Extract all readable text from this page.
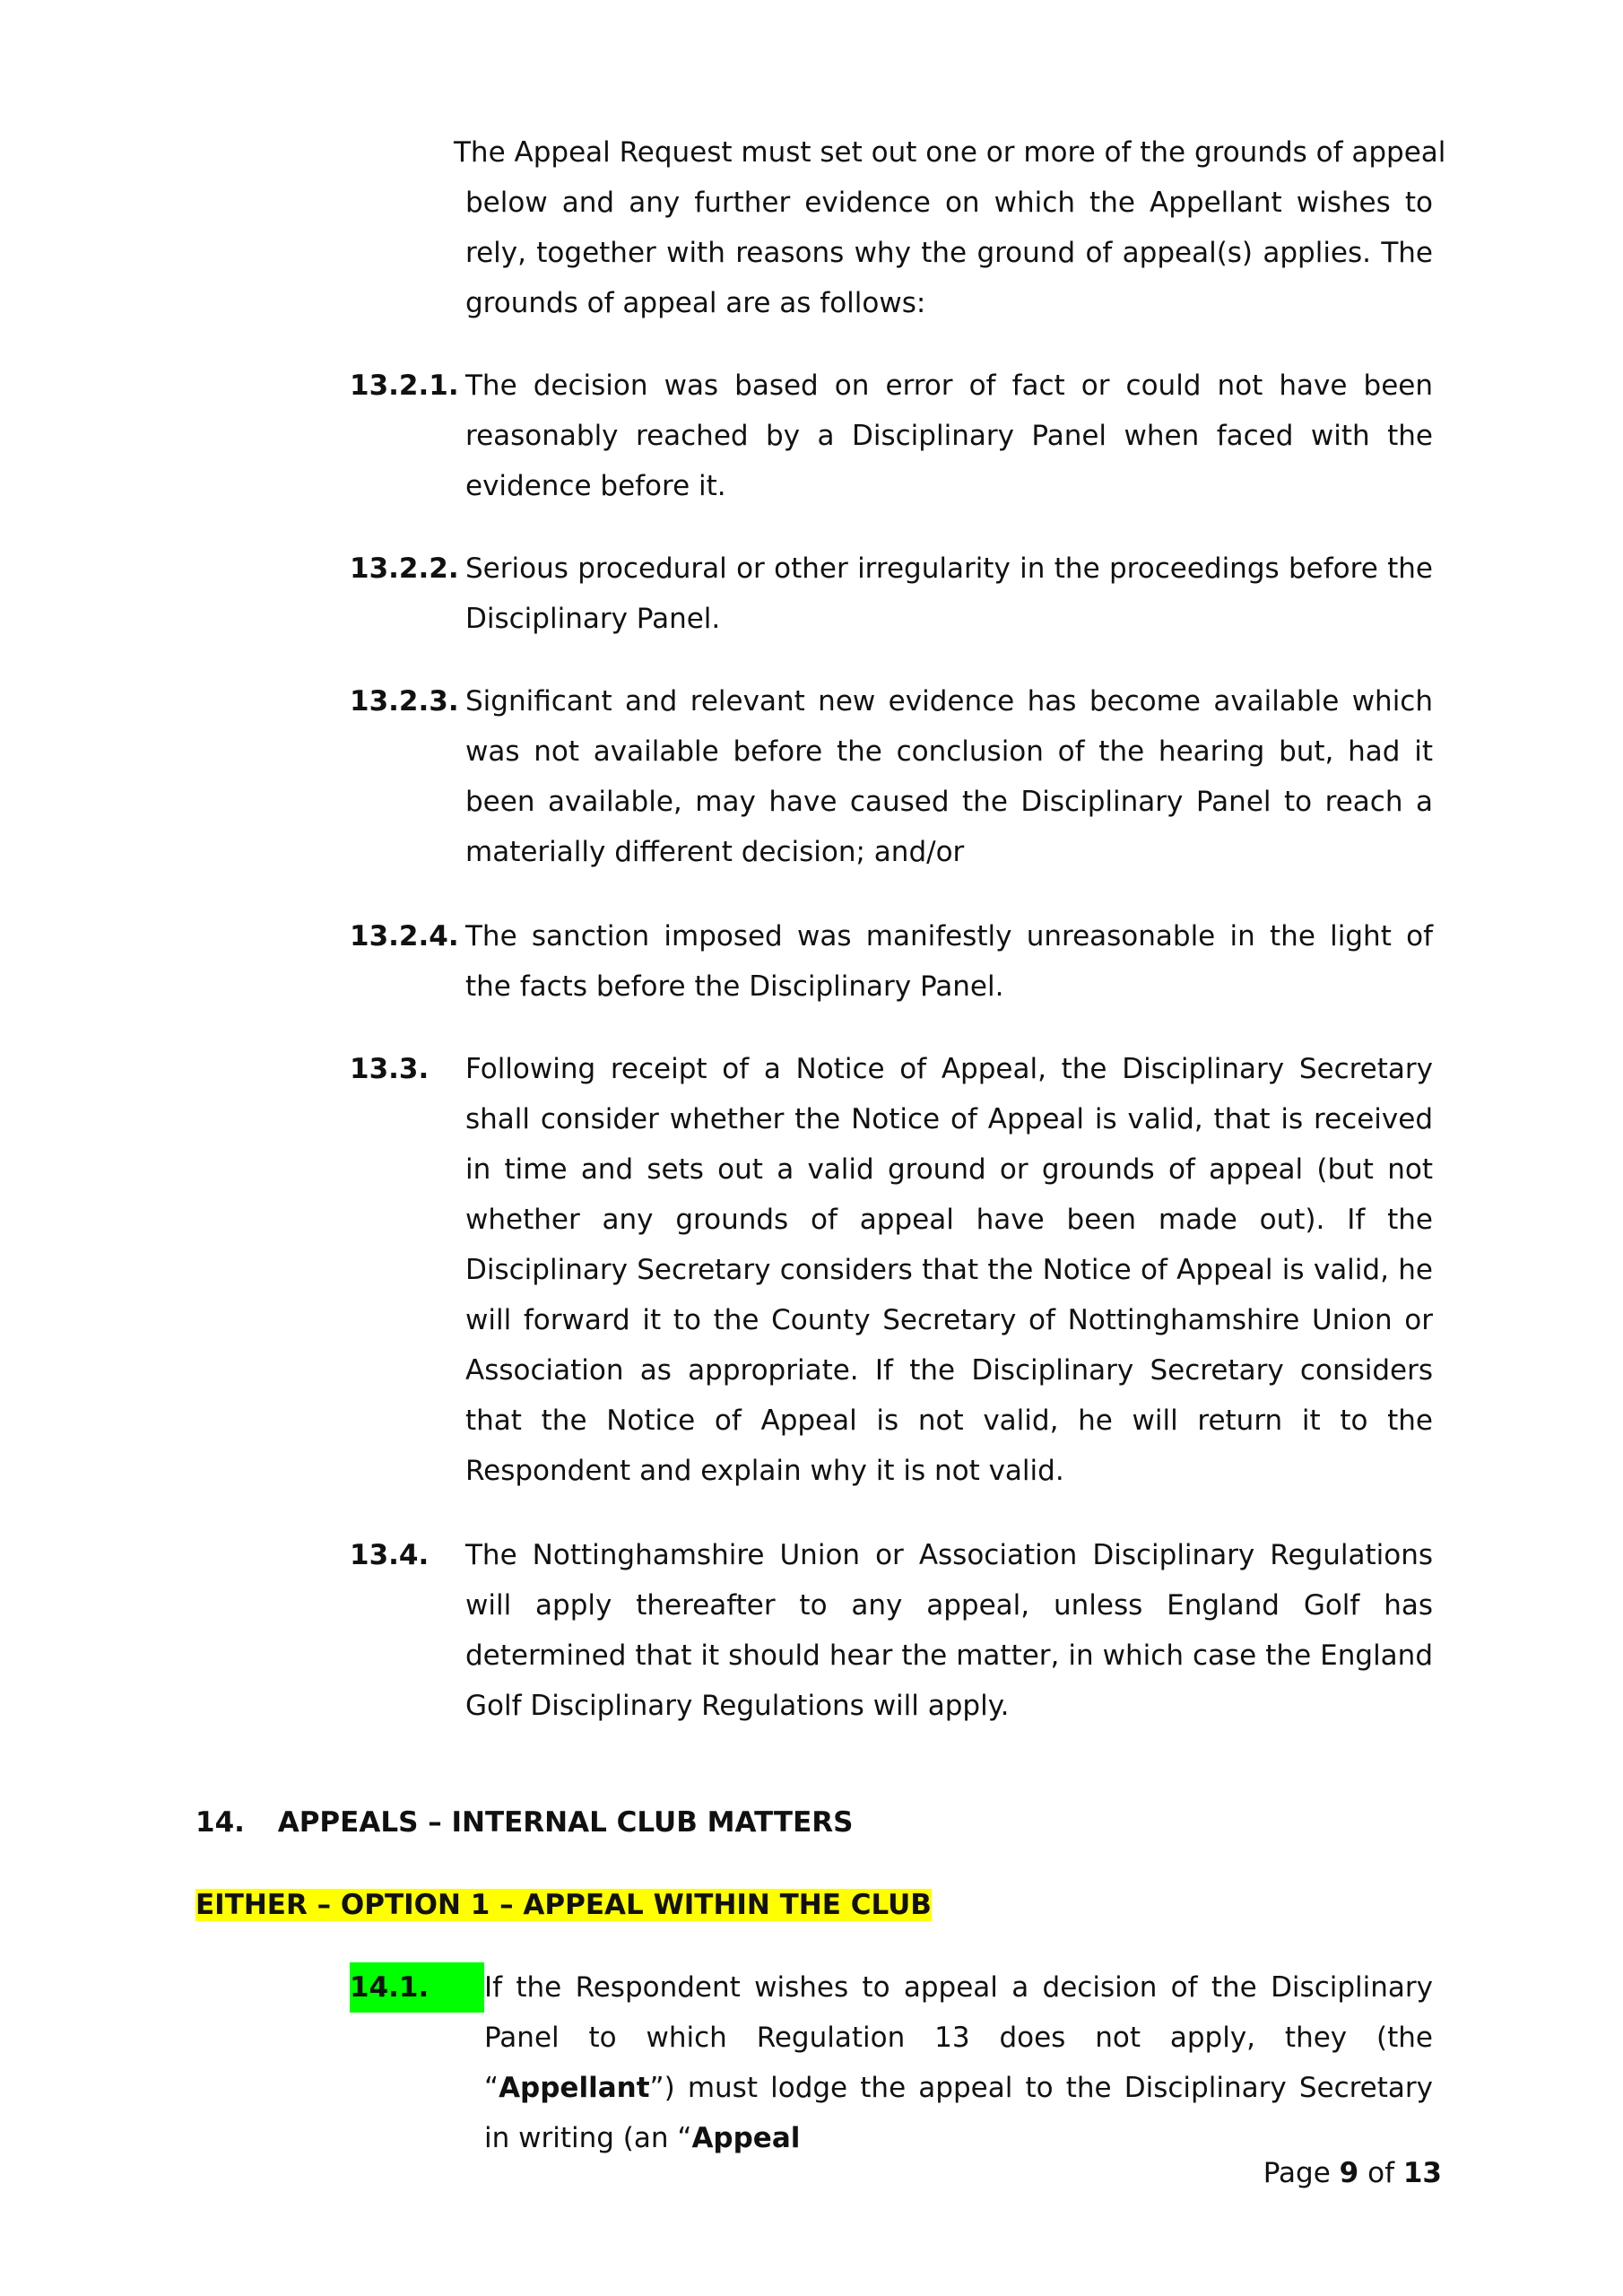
The Appeal Request must set out one or more of the grounds of appeal

below and any further evidence on which the Appellant wishes to rely, together with reasons why the ground of appeal(s) applies. The grounds of appeal are as follows:

13.2.1. The decision was based on error of fact or could not have been reasonably reached by a Disciplinary Panel when faced with the evidence before it.

13.2.2. Serious procedural or other irregularity in the proceedings before the Disciplinary Panel.

13.2.3. Significant and relevant new evidence has become available which was not available before the conclusion of the hearing but, had it been available, may have caused the Disciplinary Panel to reach a materially different decision; and/or

13.2.4. The sanction imposed was manifestly unreasonable in the light of the facts before the Disciplinary Panel.

13.3. Following receipt of a Notice of Appeal, the Disciplinary Secretary shall consider whether the Notice of Appeal is valid, that is received in time and sets out a valid ground or grounds of appeal (but not whether any grounds of appeal have been made out). If the Disciplinary Secretary considers that the Notice of Appeal is valid, he will forward it to the County Secretary of Nottinghamshire Union or Association as appropriate. If the Disciplinary Secretary considers that the Notice of Appeal is not valid, he will return it to the Respondent and explain why it is not valid.

13.4. The Nottinghamshire Union or Association Disciplinary Regulations will apply thereafter to any appeal, unless England Golf has determined that it should hear the matter, in which case the England Golf Disciplinary Regulations will apply.

14. APPEALS – INTERNAL CLUB MATTERS
EITHER – OPTION 1 – APPEAL WITHIN THE CLUB
14.1.	If the Respondent wishes to appeal a decision of the Disciplinary Panel to which Regulation 13 does not apply, they (the “Appellant”) must lodge the appeal to the Disciplinary Secretary in writing (an “Appeal

Page 9 of 13
